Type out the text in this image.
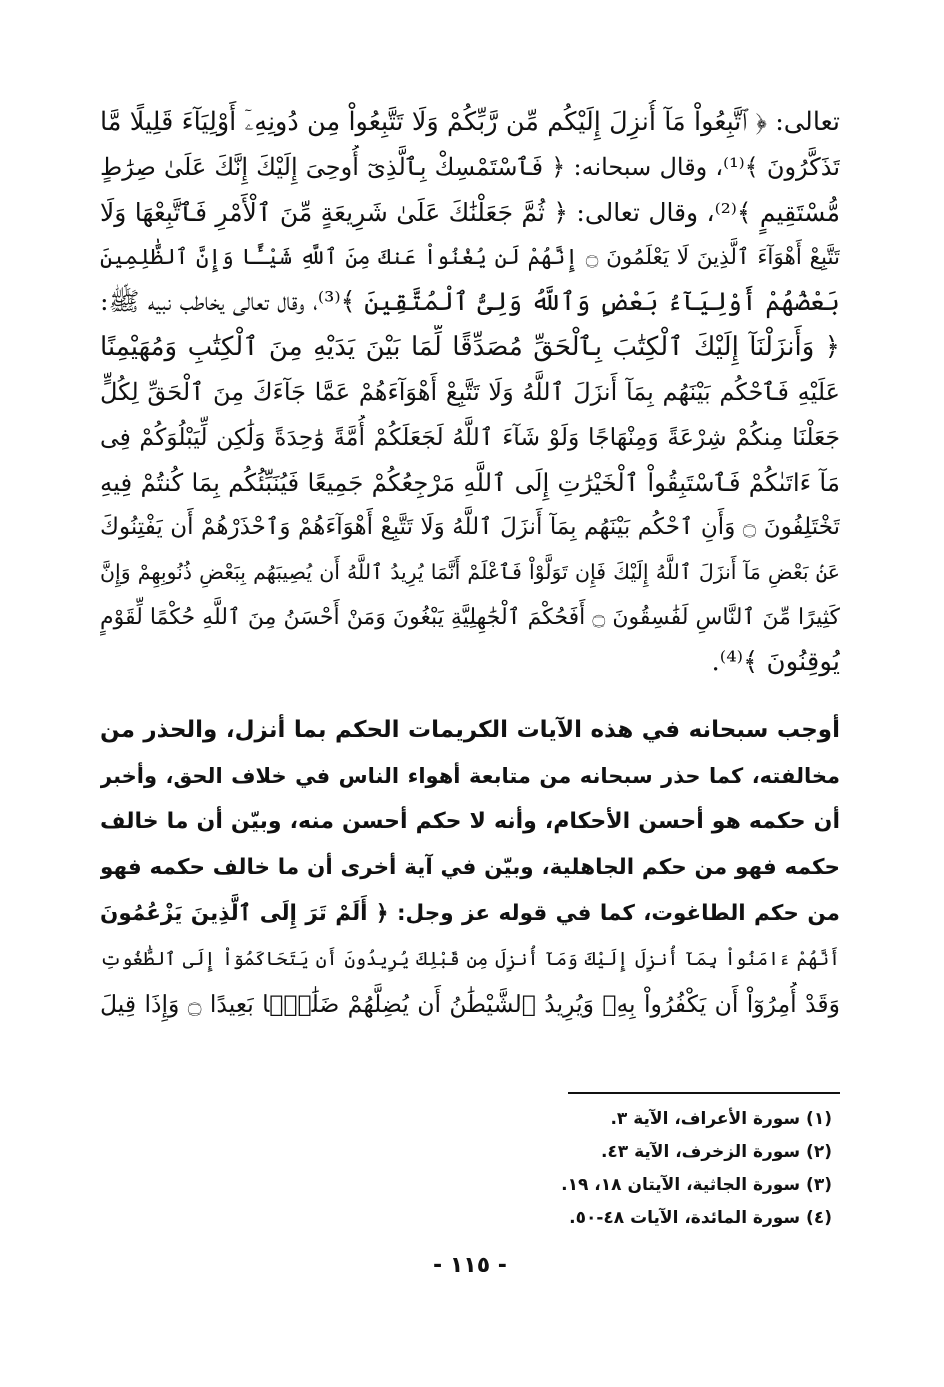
تعالى: ﴿ ٱتَّبِعُواْ مَآ أُنزِلَ إِلَيْكُم مِّن رَّبِّكُمْ وَلَا تَتَّبِعُواْ مِن دُونِهِۦٓ أَوْلِيَآءَ قَلِيلًا مَّا
تَذَكَّرُونَ ﴾⁽¹⁾، وقال سبحانه: ﴿ فَٱسْتَمْسِكْ بِٱلَّذِىٓ أُوحِىَ إِلَيْكَ إِنَّكَ عَلَىٰ صِرَٰطٍ
مُّسْتَقِيمٍ ﴾⁽²⁾، وقال تعالى: ﴿ ثُمَّ جَعَلْنَٰكَ عَلَىٰ شَرِيعَةٍ مِّنَ ٱلْأَمْرِ فَٱتَّبِعْهَا وَلَا
تَتَّبِعْ أَهْوَآءَ ٱلَّذِينَ لَا يَعْلَمُونَ ۝ إِنَّهُمْ لَن يُغْنُواْ عَنكَ مِنَ ٱللَّهِ شَيْـًٔا وَإِنَّ ٱلظَّٰلِمِينَ
بَعْضُهُمْ أَوْلِيَآءُ بَعْضٍ وَٱللَّهُ وَلِىُّ ٱلْمُتَّقِينَ ﴾⁽³⁾، وقال تعالى يخاطب نبيه ﷺ:
﴿ وَأَنزَلْنَآ إِلَيْكَ ٱلْكِتَٰبَ بِٱلْحَقِّ مُصَدِّقًا لِّمَا بَيْنَ يَدَيْهِ مِنَ ٱلْكِتَٰبِ وَمُهَيْمِنًا
عَلَيْهِ فَٱحْكُم بَيْنَهُم بِمَآ أَنزَلَ ٱللَّهُ وَلَا تَتَّبِعْ أَهْوَآءَهُمْ عَمَّا جَآءَكَ مِنَ ٱلْحَقِّ لِكُلٍّ
جَعَلْنَا مِنكُمْ شِرْعَةً وَمِنْهَاجًا وَلَوْ شَآءَ ٱللَّهُ لَجَعَلَكُمْ أُمَّةً وَٰحِدَةً وَلَٰكِن لِّيَبْلُوَكُمْ فِى
مَآ ءَاتَىٰكُمْ فَٱسْتَبِقُواْ ٱلْخَيْرَٰتِ إِلَى ٱللَّهِ مَرْجِعُكُمْ جَمِيعًا فَيُنَبِّئُكُم بِمَا كُنتُمْ فِيهِ
تَخْتَلِفُونَ ۝ وَأَنِ ٱحْكُم بَيْنَهُم بِمَآ أَنزَلَ ٱللَّهُ وَلَا تَتَّبِعْ أَهْوَآءَهُمْ وَٱحْذَرْهُمْ أَن يَفْتِنُوكَ
عَنۢ بَعْضِ مَآ أَنزَلَ ٱللَّهُ إِلَيْكَ فَإِن تَوَلَّوْاْ فَٱعْلَمْ أَنَّمَا يُرِيدُ ٱللَّهُ أَن يُصِيبَهُم بِبَعْضِ ذُنُوبِهِمْ وَإِنَّ
كَثِيرًا مِّنَ ٱلنَّاسِ لَفَٰسِقُونَ ۝ أَفَحُكْمَ ٱلْجَٰهِلِيَّةِ يَبْغُونَ وَمَنْ أَحْسَنُ مِنَ ٱللَّهِ حُكْمًا لِّقَوْمٍ
يُوقِنُونَ ﴾⁽⁴⁾.
أوجب سبحانه في هذه الآيات الكريمات الحكم بما أنزل، والحذر من
مخالفته، كما حذر سبحانه من متابعة أهواء الناس في خلاف الحق، وأخبر
أن حكمه هو أحسن الأحكام، وأنه لا حكم أحسن منه، وبيّن أن ما خالف
حكمه فهو من حكم الجاهلية، وبيّن في آية أخرى أن ما خالف حكمه فهو
من حكم الطاغوت، كما في قوله عز وجل: ﴿ أَلَمْ تَرَ إِلَى ٱلَّذِينَ يَزْعُمُونَ
أَنَّهُمْ ءَامَنُواْ بِمَآ أُنزِلَ إِلَيْكَ وَمَآ أُنزِلَ مِن قَبْلِكَ يُرِيدُونَ أَن يَتَحَاكَمُوٓاْ إِلَى ٱلطَّٰغُوتِ
وَقَدْ أُمِرُوٓاْ أَن يَكْفُرُواْ بِهِۦ وَيُرِيدُ ٱلشَّيْطَٰنُ أَن يُضِلَّهُمْ ضَلَٰلًۢا بَعِيدًا ۝ وَإِذَا قِيلَ
(١) سورة الأعراف، الآية ٣.
(٢) سورة الزخرف، الآية ٤٣.
(٣) سورة الجاثية، الآيتان ١٨، ١٩.
(٤) سورة المائدة، الآيات ٤٨-٥٠.
- ١١٥ -
